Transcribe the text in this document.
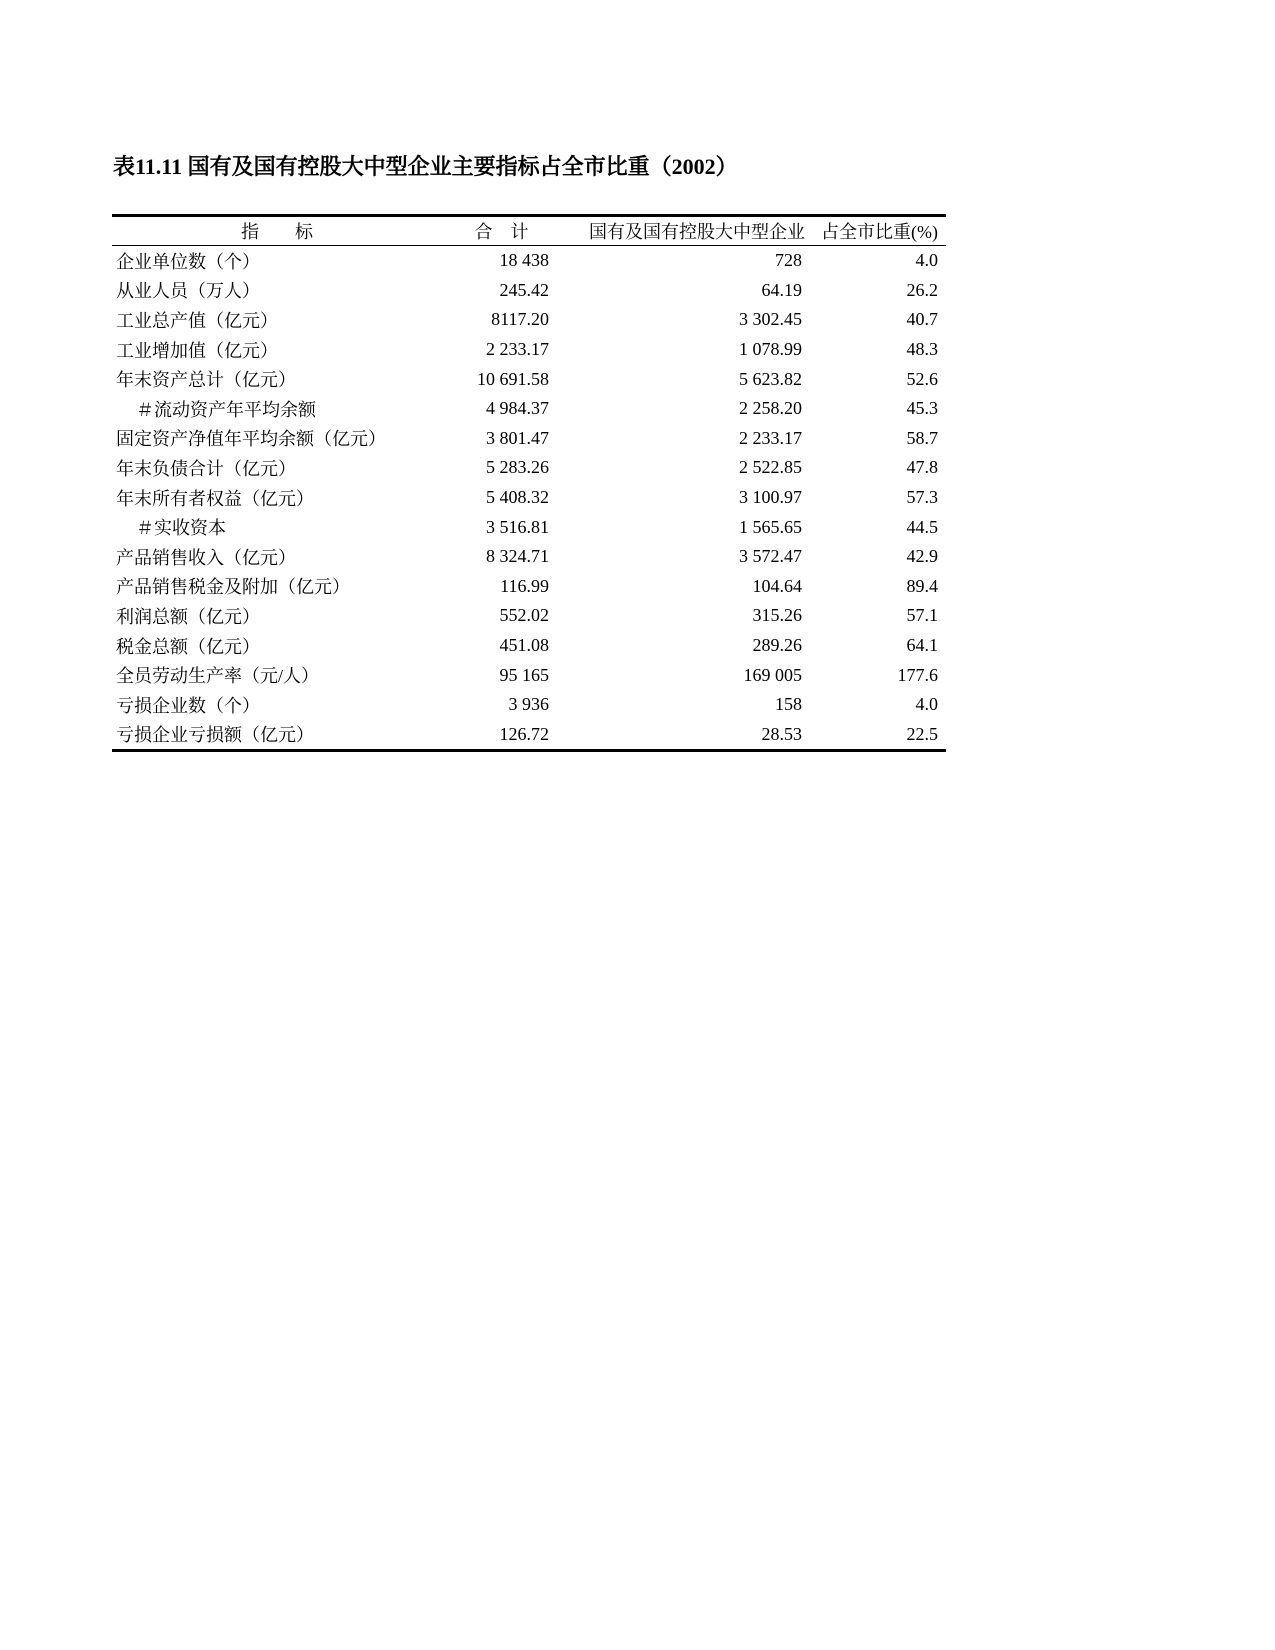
表11.11 国有及国有控股大中型企业主要指标占全市比重（2002）
指　　标	合　计	国有及国有控股大中型企业	占全市比重(%)
企业单位数（个）	18 438	728	4.0
从业人员（万人）	245.42	64.19	26.2
工业总产值（亿元）	8117.20	3 302.45	40.7
工业增加值（亿元）	2 233.17	1 078.99	48.3
年末资产总计（亿元）	10 691.58	5 623.82	52.6
＃流动资产年平均余额	4 984.37	2 258.20	45.3
固定资产净值年平均余额（亿元）	3 801.47	2 233.17	58.7
年末负债合计（亿元）	5 283.26	2 522.85	47.8
年末所有者权益（亿元）	5 408.32	3 100.97	57.3
＃实收资本	3 516.81	1 565.65	44.5
产品销售收入（亿元）	8 324.71	3 572.47	42.9
产品销售税金及附加（亿元）	116.99	104.64	89.4
利润总额（亿元）	552.02	315.26	57.1
税金总额（亿元）	451.08	289.26	64.1
全员劳动生产率（元/人）	95 165	169 005	177.6
亏损企业数（个）	3 936	158	4.0
亏损企业亏损额（亿元）	126.72	28.53	22.5
